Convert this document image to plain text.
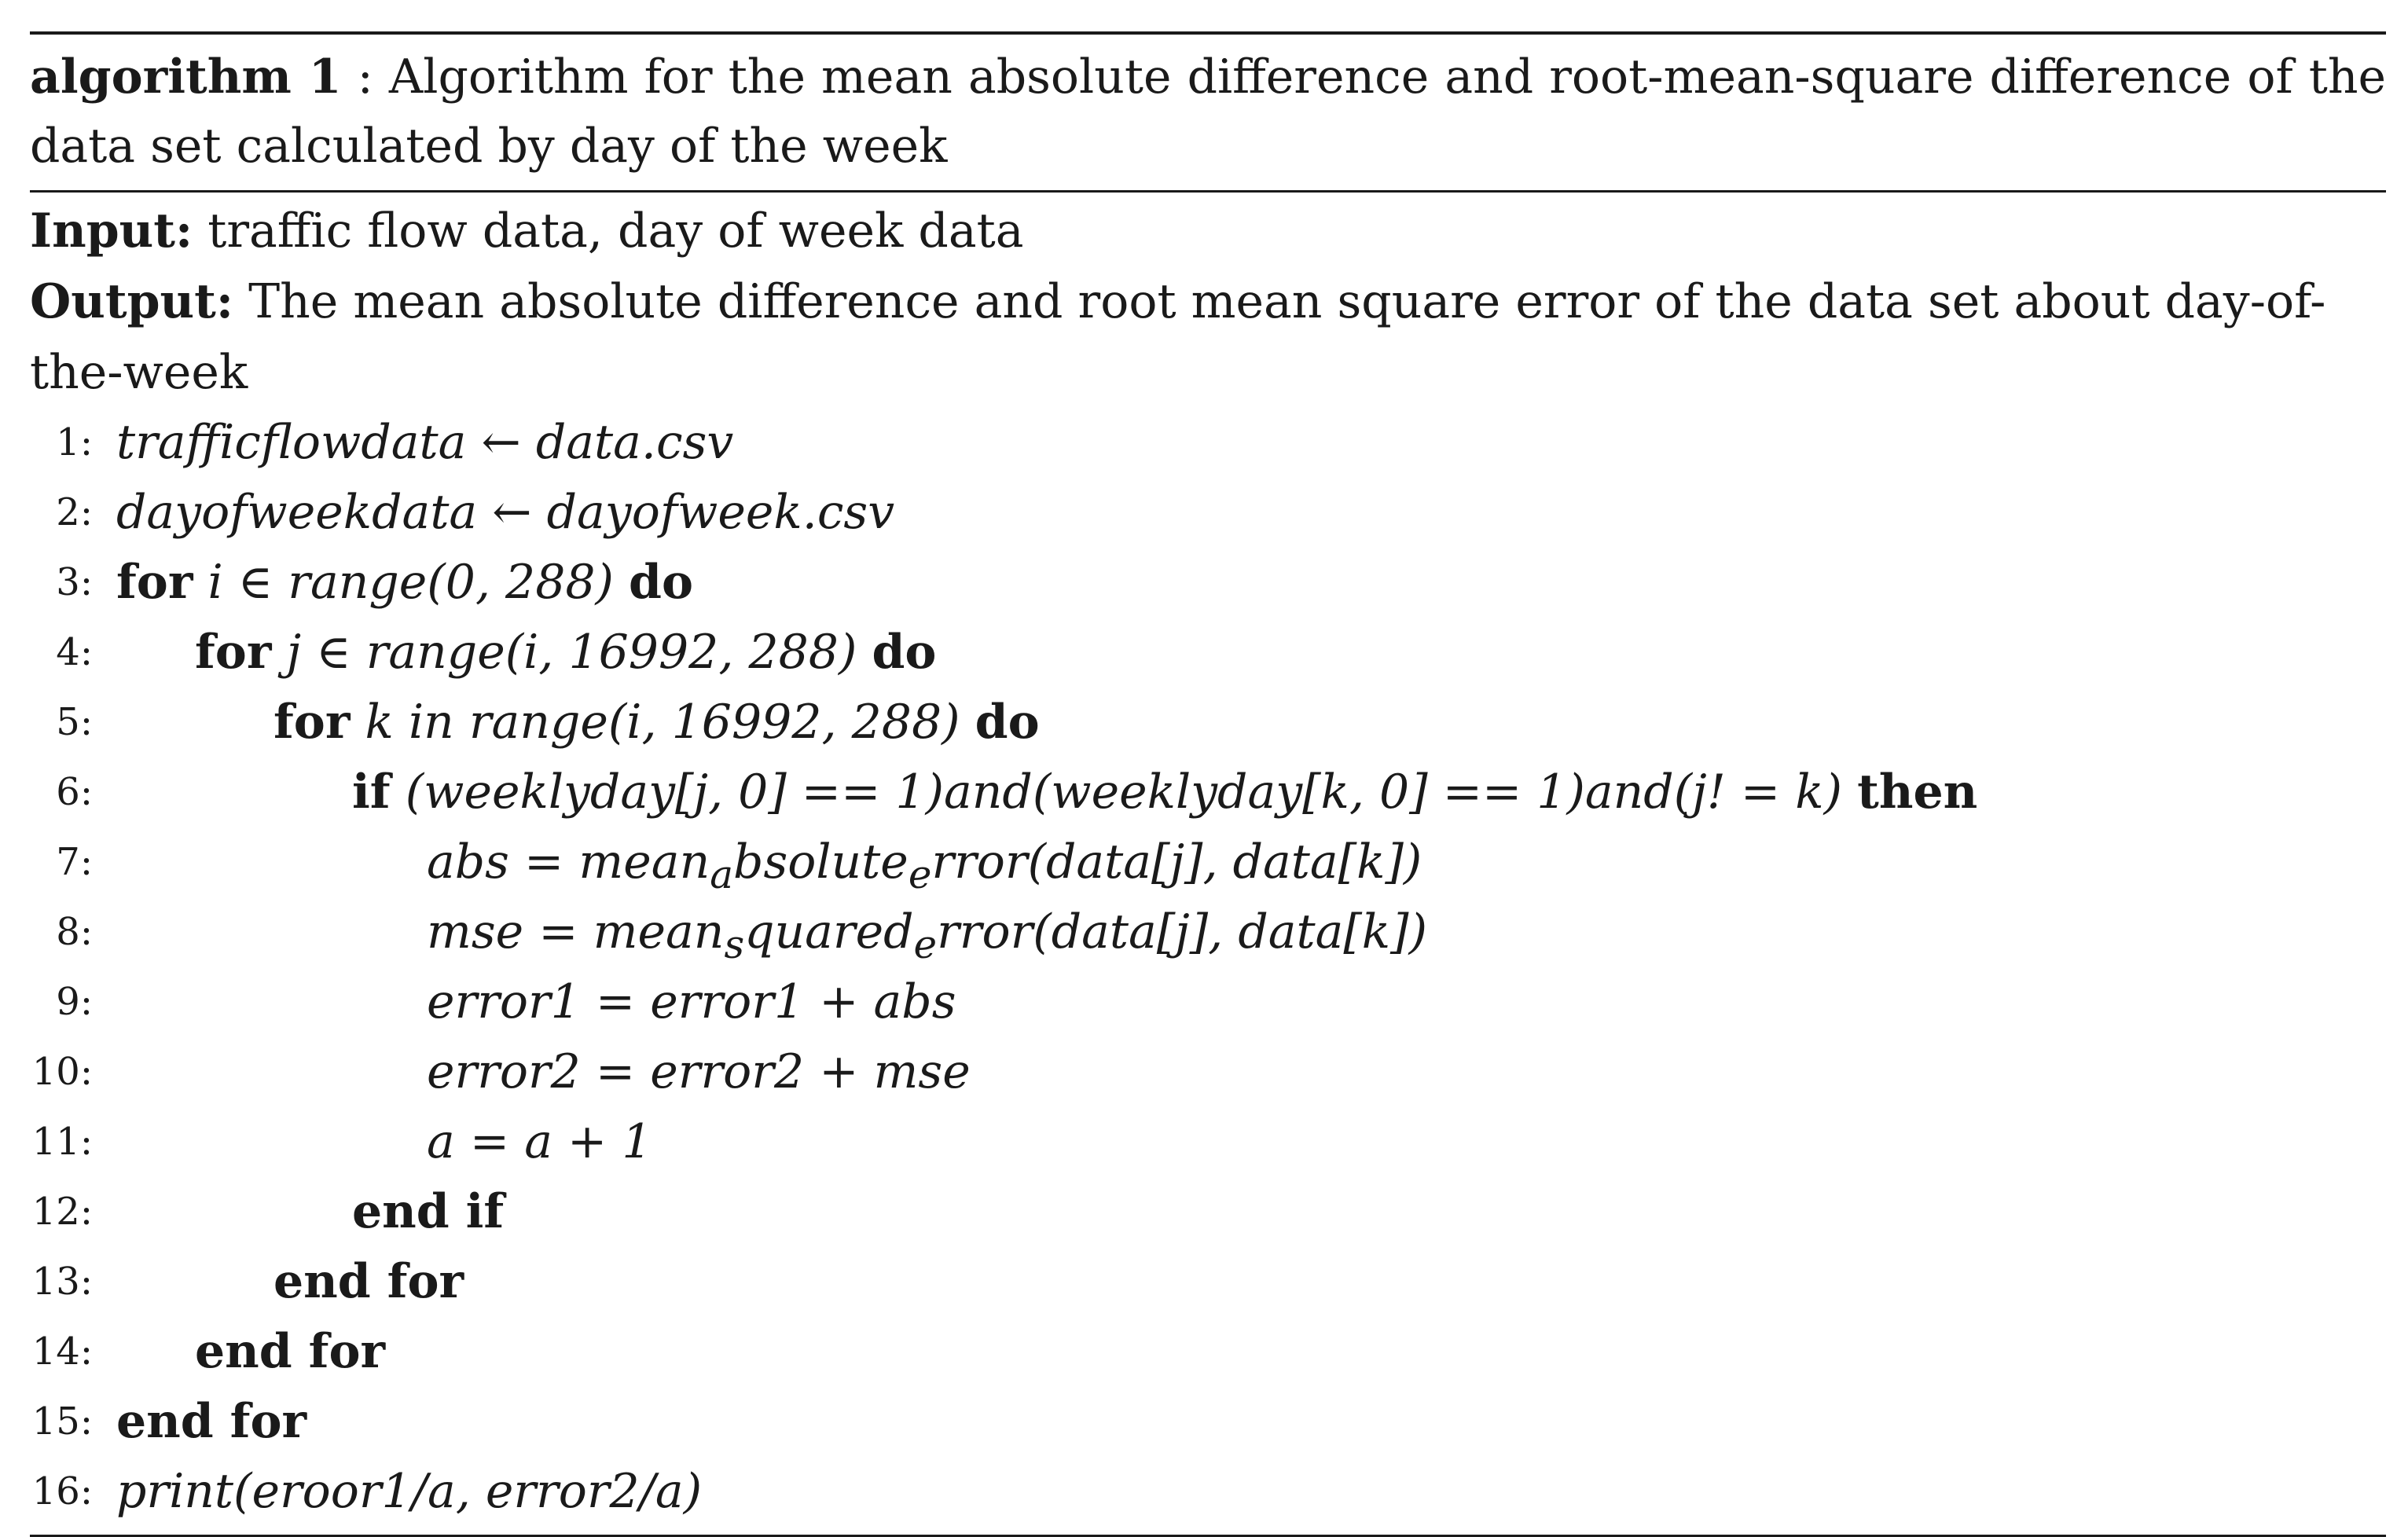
algorithm 1 : Algorithm for the mean absolute difference and root-mean-square difference of the data set calculated by day of the week
Input: traffic flow data, day of week data
Output: The mean absolute difference and root mean square error of the data set about day-of-the-week
1: trafficflowdata ← data.csv
2: dayofweekdata ← dayofweek.csv
3: for i ∈ range(0, 288) do
4: for j ∈ range(i, 16992, 288) do
5:	for k in range(i, 16992, 288) do
6:	if (weeklyday[j, 0] == 1)and(weeklyday[k, 0] == 1)and(j! = k) then
7:	abs = mean$_a$bsolute$_e$rror(data[j], data[k])
8:	mse = mean$_s$quared$_e$rror(data[j], data[k])
9:	error1 = error1 + abs
10:	error2 = error2 + mse
11:	a = a + 1
12:	end if
13:	end for
14: end for
15: end for
16: print(eroor1/a, error2/a)
